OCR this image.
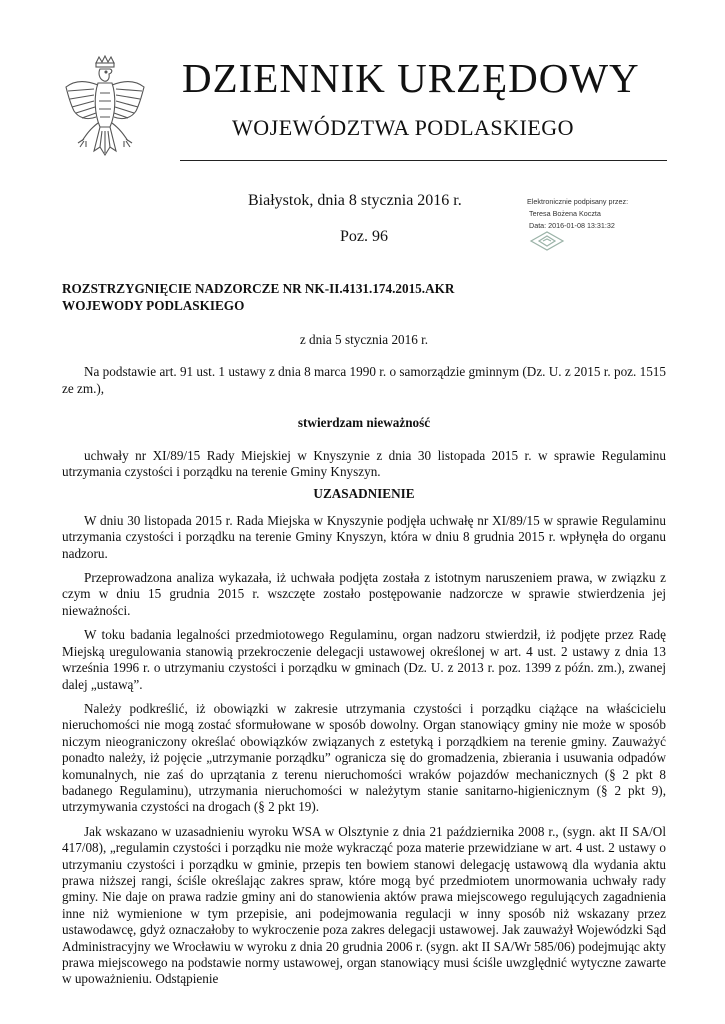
DZIENNIK URZĘDOWY
WOJEWÓDZTWA PODLASKIEGO
Białystok, dnia 8 stycznia 2016 r.
Poz. 96
Elektronicznie podpisany przez:
Teresa Bożena Koczta
Data: 2016-01-08 13:31:32

ROZSTRZYGNIĘCIE NADZORCZE NR NK-II.4131.174.2015.AKR

WOJEWODY PODLASKIEGO

z dnia 5 stycznia 2016 r.

Na podstawie art. 91 ust. 1 ustawy z dnia 8 marca 1990 r. o samorządzie gminnym (Dz. U. z 2015 r. poz. 1515 ze zm.),

stwierdzam nieważność

uchwały nr XI/89/15 Rady Miejskiej w Knyszynie z dnia 30 listopada 2015 r. w sprawie Regulaminu utrzymania czystości i porządku na terenie Gminy Knyszyn.

UZASADNIENIE

W dniu 30 listopada 2015 r. Rada Miejska w Knyszynie podjęła uchwałę nr XI/89/15 w sprawie Regulaminu utrzymania czystości i porządku na terenie Gminy Knyszyn, która w dniu 8 grudnia 2015 r. wpłynęła do organu nadzoru.

Przeprowadzona analiza wykazała, iż uchwała podjęta została z istotnym naruszeniem prawa, w związku z czym w dniu 15 grudnia 2015 r. wszczęte zostało postępowanie nadzorcze w sprawie stwierdzenia jej nieważności.

W toku badania legalności przedmiotowego Regulaminu, organ nadzoru stwierdził, iż podjęte przez Radę Miejską uregulowania stanowią przekroczenie delegacji ustawowej określonej w art. 4 ust. 2 ustawy z dnia 13 września 1996 r. o utrzymaniu czystości i porządku w gminach (Dz. U. z 2013 r. poz. 1399 z późn. zm.), zwanej dalej „ustawą”.

Należy podkreślić, iż obowiązki w zakresie utrzymania czystości i porządku ciążące na właścicielu nieruchomości nie mogą zostać sformułowane w sposób dowolny. Organ stanowiący gminy nie może w sposób niczym nieograniczony określać obowiązków związanych z estetyką i porządkiem na terenie gminy. Zauważyć ponadto należy, iż pojęcie „utrzymanie porządku” ogranicza się do gromadzenia, zbierania i usuwania odpadów komunalnych, nie zaś do uprzątania z terenu nieruchomości wraków pojazdów mechanicznych (§ 2 pkt 8 badanego Regulaminu), utrzymania nieruchomości w należytym stanie sanitarno-higienicznym (§ 2 pkt 9), utrzymywania czystości na drogach (§ 2 pkt 19).

Jak wskazano w uzasadnieniu wyroku WSA w Olsztynie z dnia 21 października 2008 r., (sygn. akt II SA/Ol 417/08), „regulamin czystości i porządku nie może wykracząć poza materie przewidziane w art. 4 ust. 2 ustawy o utrzymaniu czystości i porządku w gminie, przepis ten bowiem stanowi delegację ustawową dla wydania aktu prawa niższej rangi, ściśle określając zakres spraw, które mogą być przedmiotem unormowania uchwały rady gminy. Nie daje on prawa radzie gminy ani do stanowienia aktów prawa miejscowego regulujących zagadnienia inne niż wymienione w tym przepisie, ani podejmowania regulacji w inny sposób niż wskazany przez ustawodawcę, gdyż oznaczałoby to wykroczenie poza zakres delegacji ustawowej. Jak zauważył Wojewódzki Sąd Administracyjny we Wrocławiu w wyroku z dnia 20 grudnia 2006 r. (sygn. akt II SA/Wr 585/06) podejmując akty prawa miejscowego na podstawie normy ustawowej, organ stanowiący musi ściśle uwzględnić wytyczne zawarte w upoważnieniu. Odstąpienie
